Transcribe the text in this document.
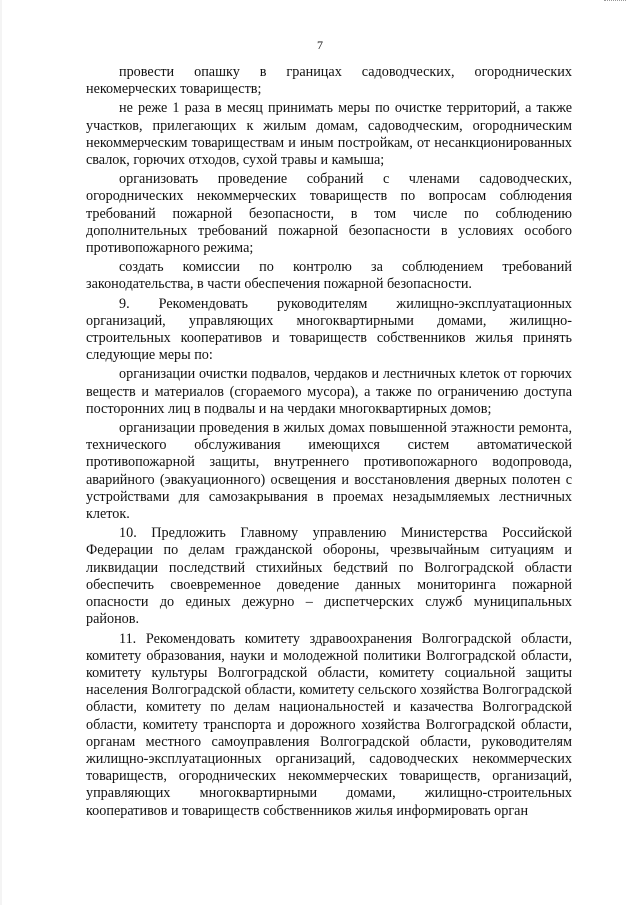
7

провести опашку в границах садоводческих, огороднических некомерческих товариществ;

не реже 1 раза в месяц принимать меры по очистке территорий, а также участков, прилегающих к жилым домам, садоводческим, огородническим некоммерческим товариществам и иным постройкам, от несанкционированных свалок, горючих отходов, сухой травы и камыша;

организовать проведение собраний с членами садоводческих, огороднических некоммерческих товариществ по вопросам соблюдения требований пожарной безопасности, в том числе по соблюдению дополнительных требований пожарной безопасности в условиях особого противопожарного режима;

создать комиссии по контролю за соблюдением требований законодательства, в части обеспечения пожарной безопасности.

9. Рекомендовать руководителям жилищно-эксплуатационных организаций, управляющих многоквартирными домами, жилищно-строительных кооперативов и товариществ собственников жилья принять следующие меры по:

организации очистки подвалов, чердаков и лестничных клеток от горючих веществ и материалов (сгораемого мусора), а также по ограничению доступа посторонних лиц в подвалы и на чердаки многоквартирных домов;

организации проведения в жилых домах повышенной этажности ремонта, технического обслуживания имеющихся систем автоматической противопожарной защиты, внутреннего противопожарного водопровода, аварийного (эвакуационного) освещения и восстановления дверных полотен с устройствами для самозакрывания в проемах незадымляемых лестничных клеток.

10. Предложить Главному управлению Министерства Российской Федерации по делам гражданской обороны, чрезвычайным ситуациям и ликвидации последствий стихийных бедствий по Волгоградской области обеспечить своевременное доведение данных мониторинга пожарной опасности до единых дежурно – диспетчерских служб муниципальных районов.

11. Рекомендовать комитету здравоохранения Волгоградской области, комитету образования, науки и молодежной политики Волгоградской области, комитету культуры Волгоградской области, комитету социальной защиты населения Волгоградской области, комитету сельского хозяйства Волгоградской области, комитету по делам национальностей и казачества Волгоградской области, комитету транспорта и дорожного хозяйства Волгоградской области, органам местного самоуправления Волгоградской области, руководителям жилищно-эксплуатационных организаций, садоводческих некоммерческих товариществ, огороднических некоммерческих товариществ, организаций, управляющих многоквартирными домами, жилищно-строительных кооперативов и товариществ собственников жилья информировать орган
